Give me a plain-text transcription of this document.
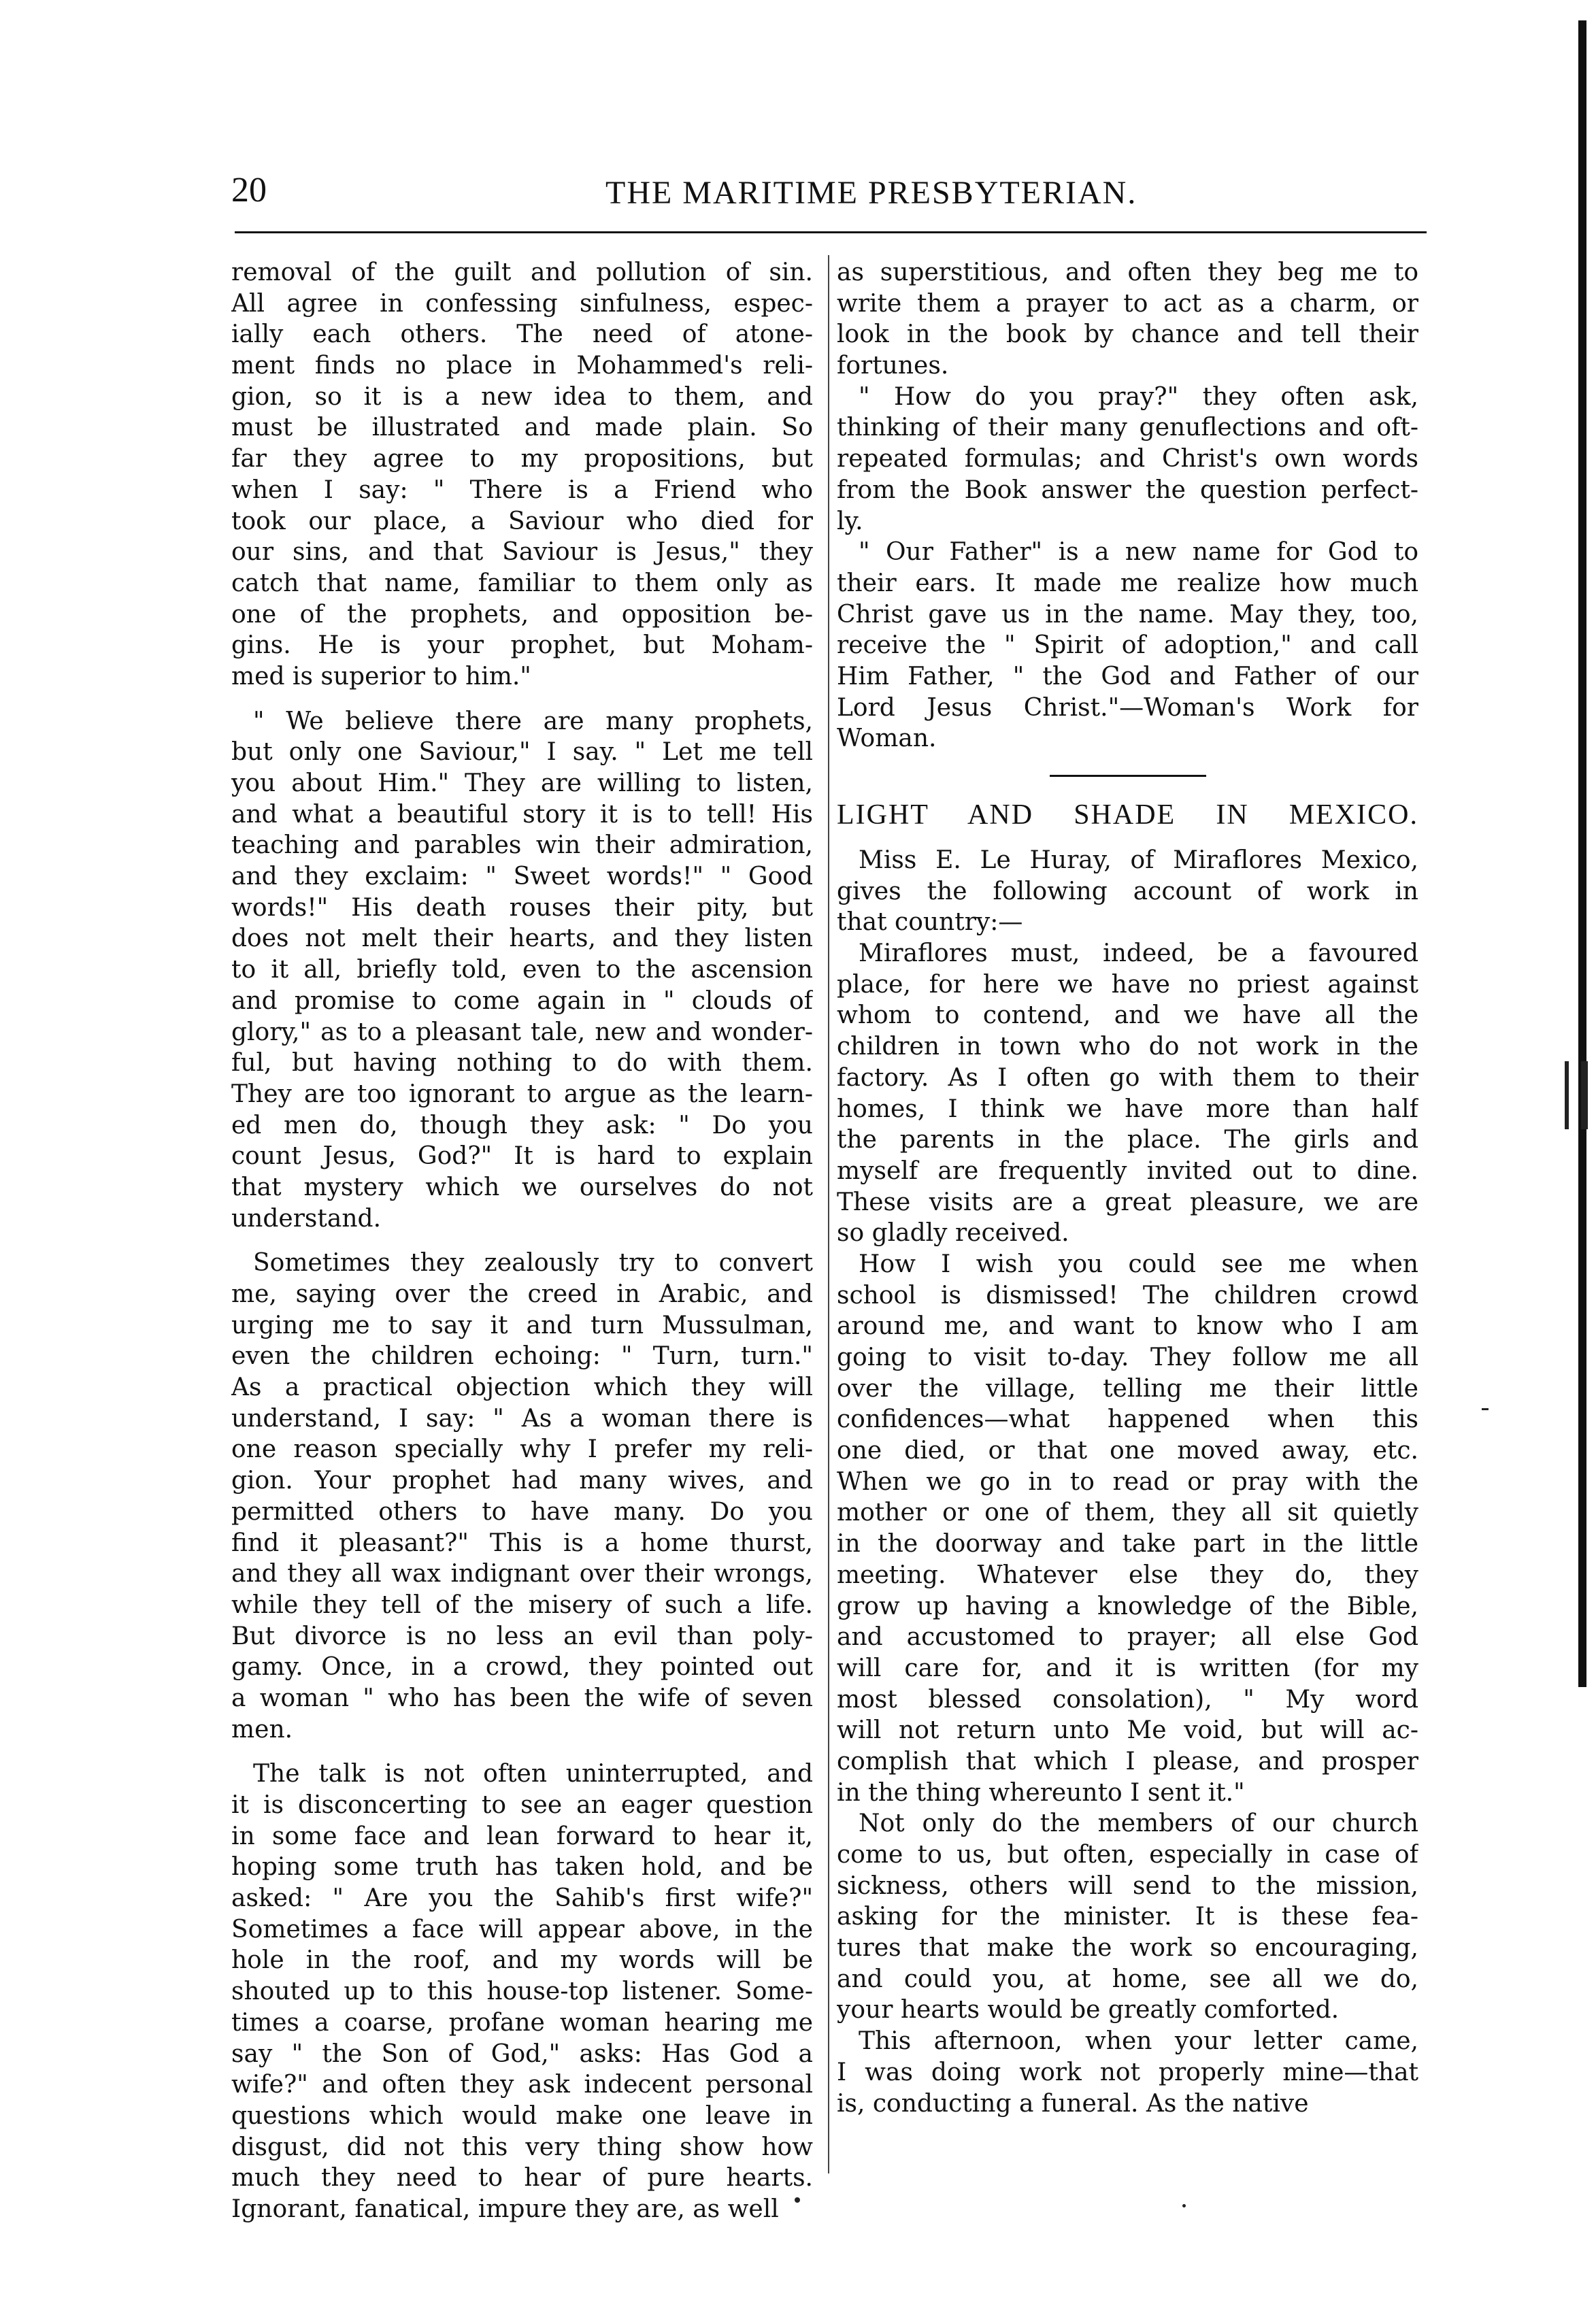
20	THE MARITIME PRESBYTERIAN.
removal of the guilt and pollution of sin.
All agree in confessing sinfulness, espec-
ially each others. The need of atone-
ment finds no place in Mohammed's reli-
gion, so it is a new idea to them, and
must be illustrated and made plain. So
far they agree to my propositions, but
when I say: " There is a Friend who
took our place, a Saviour who died for
our sins, and that Saviour is Jesus," they
catch that name, familiar to them only as
one of the prophets, and opposition be-
gins. He is your prophet, but Moham-
med is superior to him."
" We believe there are many prophets,
but only one Saviour," I say. " Let me tell
you about Him." They are willing to listen,
and what a beautiful story it is to tell! His
teaching and parables win their admiration,
and they exclaim: " Sweet words!" " Good
words!" His death rouses their pity, but
does not melt their hearts, and they listen
to it all, briefly told, even to the ascension
and promise to come again in " clouds of
glory," as to a pleasant tale, new and wonder-
ful, but having nothing to do with them.
They are too ignorant to argue as the learn-
ed men do, though they ask: " Do you
count Jesus, God?" It is hard to explain
that mystery which we ourselves do not
understand.
Sometimes they zealously try to convert
me, saying over the creed in Arabic, and
urging me to say it and turn Mussulman,
even the children echoing: " Turn, turn."
As a practical objection which they will
understand, I say: " As a woman there is
one reason specially why I prefer my reli-
gion. Your prophet had many wives, and
permitted others to have many. Do you
find it pleasant?" This is a home thurst,
and they all wax indignant over their wrongs,
while they tell of the misery of such a life.
But divorce is no less an evil than poly-
gamy. Once, in a crowd, they pointed out
a woman " who has been the wife of seven
men.
The talk is not often uninterrupted, and
it is disconcerting to see an eager question
in some face and lean forward to hear it,
hoping some truth has taken hold, and be
asked: " Are you the Sahib's first wife?"
Sometimes a face will appear above, in the
hole in the roof, and my words will be
shouted up to this house-top listener. Some-
times a coarse, profane woman hearing me
say " the Son of God," asks: Has God a
wife?" and often they ask indecent personal
questions which would make one leave in
disgust, did not this very thing show how
much they need to hear of pure hearts.
Ignorant, fanatical, impure they are, as well
as superstitious, and often they beg me to
write them a prayer to act as a charm, or
look in the book by chance and tell their
fortunes.
" How do you pray?" they often ask,
thinking of their many genuflections and oft-
repeated formulas; and Christ's own words
from the Book answer the question perfect-
ly.
" Our Father" is a new name for God to
their ears. It made me realize how much
Christ gave us in the name. May they, too,
receive the " Spirit of adoption," and call
Him Father, " the God and Father of our
Lord Jesus Christ."—Woman's Work for
Woman.
LIGHT AND SHADE IN MEXICO.
Miss E. Le Huray, of Miraflores Mexico,
gives the following account of work in
that country:—
Miraflores must, indeed, be a favoured
place, for here we have no priest against
whom to contend, and we have all the
children in town who do not work in the
factory. As I often go with them to their
homes, I think we have more than half
the parents in the place. The girls and
myself are frequently invited out to dine.
These visits are a great pleasure, we are
so gladly received.
How I wish you could see me when
school is dismissed! The children crowd
around me, and want to know who I am
going to visit to-day. They follow me all
over the village, telling me their little
confidences—what happened when this
one died, or that one moved away, etc.
When we go in to read or pray with the
mother or one of them, they all sit quietly
in the doorway and take part in the little
meeting. Whatever else they do, they
grow up having a knowledge of the Bible,
and accustomed to prayer; all else God
will care for, and it is written (for my
most blessed consolation), " My word
will not return unto Me void, but will ac-
complish that which I please, and prosper
in the thing whereunto I sent it."
Not only do the members of our church
come to us, but often, especially in case of
sickness, others will send to the mission,
asking for the minister. It is these fea-
tures that make the work so encouraging,
and could you, at home, see all we do,
your hearts would be greatly comforted.
This afternoon, when your letter came,
I was doing work not properly mine—that
is, conducting a funeral. As the native
